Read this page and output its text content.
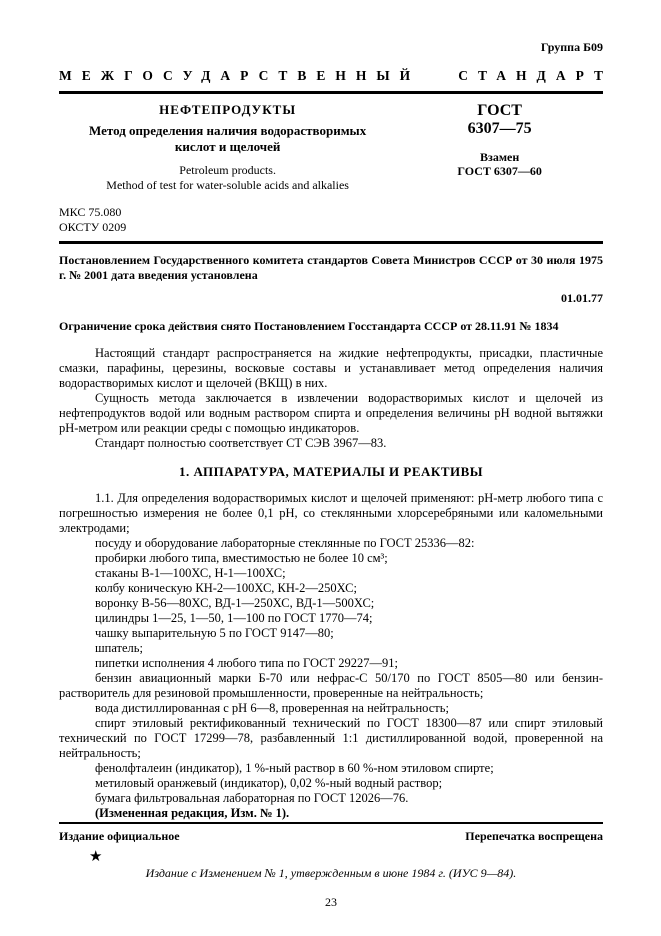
Группа Б09
МЕЖГОСУДАРСТВЕННЫЙ	СТАНДАРТ
НЕФТЕПРОДУКТЫ
Метод определения наличия водорастворимых кислот и щелочей
Petroleum products.
Method of test for water-soluble acids and alkalies
ГОСТ
6307—75
Взамен
ГОСТ 6307—60
МКС 75.080
ОКСТУ 0209

Постановлением Государственного комитета стандартов Совета Министров СССР от 30 июля 1975 г. № 2001 дата введения установлена

01.01.77

Ограничение срока действия снято Постановлением Госстандарта СССР от 28.11.91 № 1834

Настоящий стандарт распространяется на жидкие нефтепродукты, присадки, пластичные смазки, парафины, церезины, восковые составы и устанавливает метод определения наличия водорастворимых кислот и щелочей (ВКЩ) в них.

Сущность метода заключается в извлечении водорастворимых кислот и щелочей из нефтепродуктов водой или водным раствором спирта и определения величины рН водной вытяжки рН-метром или реакции среды с помощью индикаторов.

Стандарт полностью соответствует СТ СЭВ 3967—83.

1. АППАРАТУРА, МАТЕРИАЛЫ И РЕАКТИВЫ

1.1. Для определения водорастворимых кислот и щелочей применяют: рН-метр любого типа с погрешностью измерения не более 0,1 рН, со стеклянными хлорсеребряными или каломельными электродами;

посуду и оборудование лабораторные стеклянные по ГОСТ 25336—82:

пробирки любого типа, вместимостью не более 10 см³;

стаканы В-1—100ХС, Н-1—100ХС;

колбу коническую КН-2—100ХС, КН-2—250ХС;

воронку В-56—80ХС, ВД-1—250ХС, ВД-1—500ХС;

цилиндры 1—25, 1—50, 1—100 по ГОСТ 1770—74;

чашку выпарительную 5 по ГОСТ 9147—80;

шпатель;

пипетки исполнения 4 любого типа по ГОСТ 29227—91;

бензин авиационный марки Б-70 или нефрас-С 50/170 по ГОСТ 8505—80 или бензин-растворитель для резиновой промышленности, проверенные на нейтральность;

вода дистиллированная с рН 6—8, проверенная на нейтральность;

спирт этиловый ректификованный технический по ГОСТ 18300—87 или спирт этиловый технический по ГОСТ 17299—78, разбавленный 1:1 дистиллированной водой, проверенной на нейтральность;

фенолфталеин (индикатор), 1 %-ный раствор в 60 %-ном этиловом спирте;

метиловый оранжевый (индикатор), 0,02 %-ный водный раствор;

бумага фильтровальная лабораторная по ГОСТ 12026—76.

(Измененная редакция, Изм. № 1).

Издание официальное	Перепечатка воспрещена
★
Издание с Изменением № 1, утвержденным в июне 1984 г. (ИУС 9—84).
23
